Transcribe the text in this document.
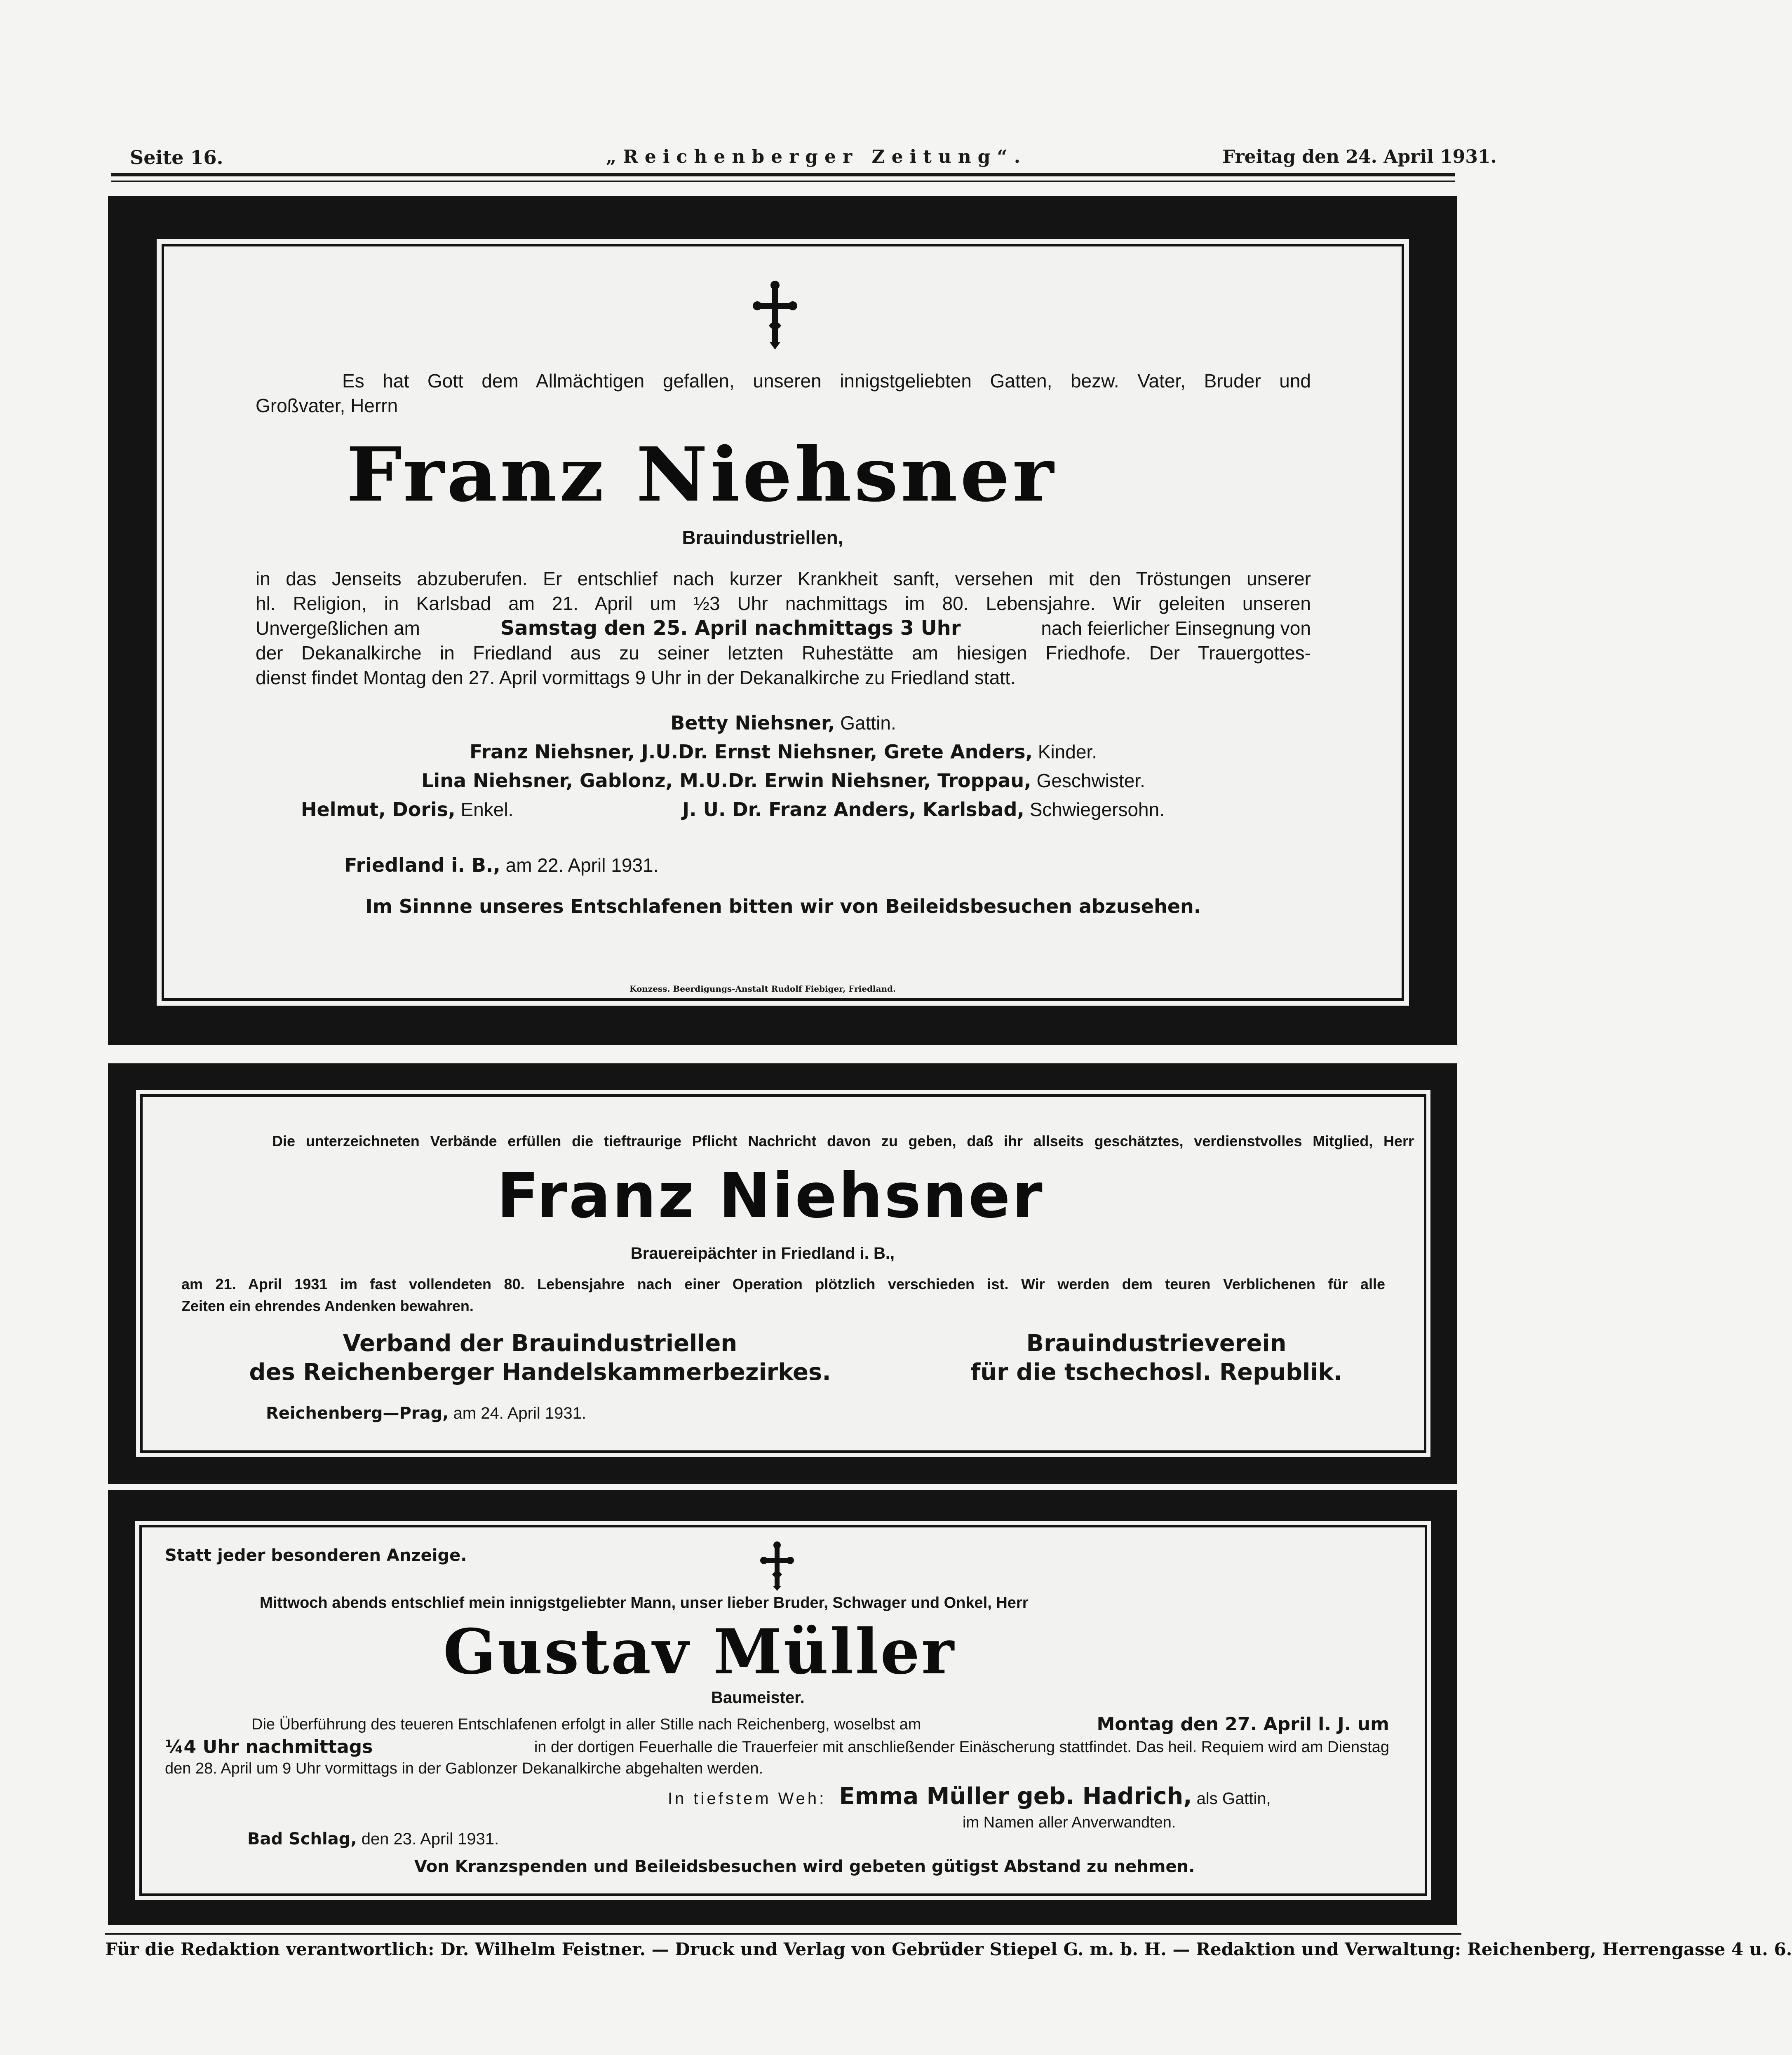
Seite 16.	„Reichenberger Zeitung“.	Freitag den 24. April 1931.
Es hat Gott dem Allmächtigen gefallen, unseren innigstgeliebten Gatten, bezw. Vater, Bruder und
Großvater, Herrn
Franz Niehsner
Brauindustriellen,
in das Jenseits abzuberufen. Er entschlief nach kurzer Krankheit sanft, versehen mit den Tröstungen unserer
hl. Religion, in Karlsbad am 21. April um ½3 Uhr nachmittags im 80. Lebensjahre. Wir geleiten unseren
Unvergeßlichen am	Samstag den 25. April nachmittags 3 Uhr	nach feierlicher Einsegnung von
der Dekanalkirche in Friedland aus zu seiner letzten Ruhestätte am hiesigen Friedhofe. Der Trauergottes-
dienst findet Montag den 27. April vormittags 9 Uhr in der Dekanalkirche zu Friedland statt.
Betty Niehsner, Gattin.
Franz Niehsner, J.U.Dr. Ernst Niehsner, Grete Anders, Kinder.
Lina Niehsner, Gablonz, M.U.Dr. Erwin Niehsner, Troppau, Geschwister.
Helmut, Doris, Enkel.	J. U. Dr. Franz Anders, Karlsbad, Schwiegersohn.
Friedland i. B., am 22. April 1931.
Im Sinnne unseres Entschlafenen bitten wir von Beileidsbesuchen abzusehen.
Konzess. Beerdigungs-Anstalt Rudolf Fiebiger, Friedland.
Die unterzeichneten Verbände erfüllen die tieftraurige Pflicht Nachricht davon zu geben, daß ihr allseits geschätztes, verdienstvolles Mitglied, Herr
Franz Niehsner
Brauereipächter in Friedland i. B.,
am 21. April 1931 im fast vollendeten 80. Lebensjahre nach einer Operation plötzlich verschieden ist. Wir werden dem teuren Verblichenen für alle
Zeiten ein ehrendes Andenken bewahren.
Verband der Brauindustriellen
des Reichenberger Handelskammerbezirkes.
Brauindustrieverein
für die tschechosl. Republik.
Reichenberg—Prag, am 24. April 1931.
Statt jeder besonderen Anzeige.
Mittwoch abends entschlief mein innigstgeliebter Mann, unser lieber Bruder, Schwager und Onkel, Herr
Gustav Müller
Baumeister.
Die Überführung des teueren Entschlafenen erfolgt in aller Stille nach Reichenberg, woselbst am	Montag den 27. April l. J. um
¼4 Uhr nachmittags	in der dortigen Feuerhalle die Trauerfeier mit anschließender Einäscherung stattfindet. Das heil. Requiem wird am Dienstag
den 28. April um 9 Uhr vormittags in der Gablonzer Dekanalkirche abgehalten werden.
In tiefstem Weh: Emma Müller geb. Hadrich, als Gattin,
im Namen aller Anverwandten.
Bad Schlag, den 23. April 1931.
Von Kranzspenden und Beileidsbesuchen wird gebeten gütigst Abstand zu nehmen.
Für die Redaktion verantwortlich: Dr. Wilhelm Feistner. — Druck und Verlag von Gebrüder Stiepel G. m. b. H. — Redaktion und Verwaltung: Reichenberg, Herrengasse 4 u. 6.
